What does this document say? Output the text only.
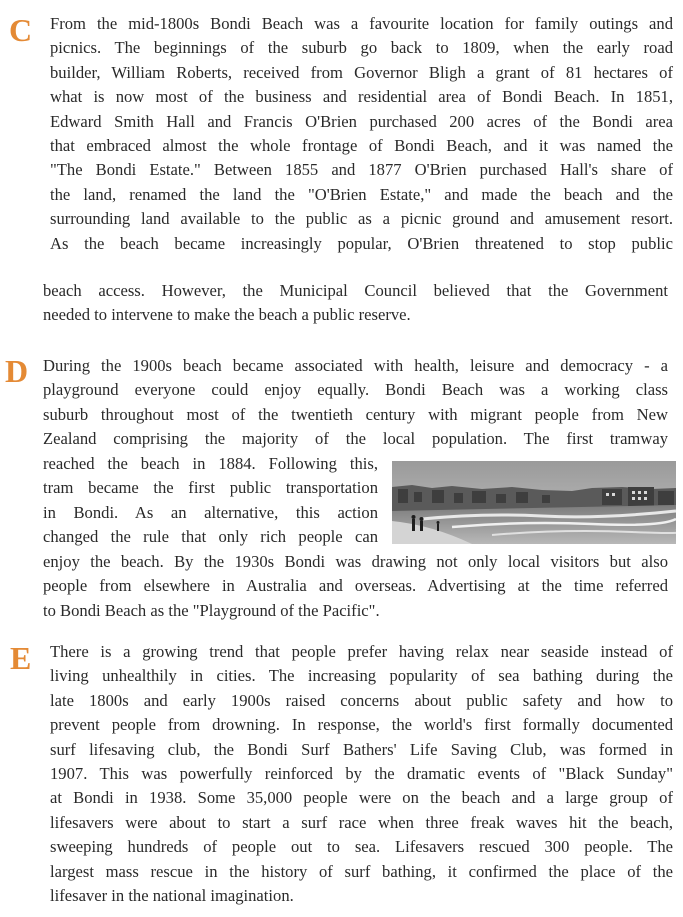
C From the mid-1800s Bondi Beach was a favourite location for family outings and
picnics. The beginnings of the suburb go back to 1809, when the early road
builder, William Roberts, received from Governor Bligh a grant of 81 hectares of
what is now most of the business and residential area of Bondi Beach. In 1851,
Edward Smith Hall and Francis O'Brien purchased 200 acres of the Bondi area
that embraced almost the whole frontage of Bondi Beach, and it was named the
"The Bondi Estate." Between 1855 and 1877 O'Brien purchased Hall's share of
the land, renamed the land the "O'Brien Estate," and made the beach and the
surrounding land available to the public as a picnic ground and amusement resort.
As the beach became increasingly popular, O'Brien threatened to stop public
beach access. However, the Municipal Council believed that the Government
needed to intervene to make the beach a public reserve.
D During the 1900s beach became associated with health, leisure and democracy - a
playground everyone could enjoy equally. Bondi Beach was a working class
suburb throughout most of the twentieth century with migrant people from New
Zealand comprising the majority of the local population. The first tramway
reached the beach in 1884. Following this,
tram became the first public transportation
in Bondi. As an alternative, this action
changed the rule that only rich people can
enjoy the beach. By the 1930s Bondi was drawing not only local visitors but also
people from elsewhere in Australia and overseas. Advertising at the time referred
to Bondi Beach as the "Playground of the Pacific".
E There is a growing trend that people prefer having relax near seaside instead of
living unhealthily in cities. The increasing popularity of sea bathing during the
late 1800s and early 1900s raised concerns about public safety and how to
prevent people from drowning. In response, the world's first formally documented
surf lifesaving club, the Bondi Surf Bathers' Life Saving Club, was formed in
1907. This was powerfully reinforced by the dramatic events of "Black Sunday"
at Bondi in 1938. Some 35,000 people were on the beach and a large group of
lifesavers were about to start a surf race when three freak waves hit the beach,
sweeping hundreds of people out to sea. Lifesavers rescued 300 people. The
largest mass rescue in the history of surf bathing, it confirmed the place of the
lifesaver in the national imagination.
